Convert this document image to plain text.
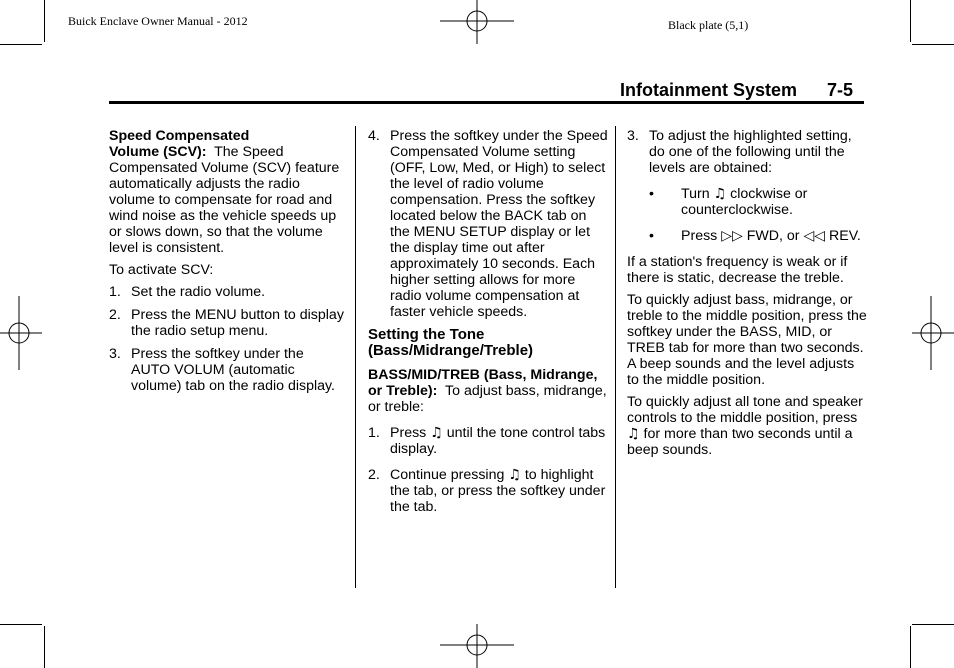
Buick Enclave Owner Manual - 2012	Black plate (5,1)
Infotainment System 7-5

Speed Compensated
Volume (SCV): The Speed Compensated Volume (SCV) feature automatically adjusts the radio volume to compensate for road and wind noise as the vehicle speeds up or slows down, so that the volume level is consistent.

To activate SCV:

1. Set the radio volume.
2. Press the MENU button to display the radio setup menu.
3. Press the softkey under the AUTO VOLUM (automatic volume) tab on the radio display.
4. Press the softkey under the Speed Compensated Volume setting (OFF, Low, Med, or High) to select the level of radio volume compensation. Press the softkey located below the BACK tab on the MENU SETUP display or let the display time out after approximately 10 seconds. Each higher setting allows for more radio volume compensation at faster vehicle speeds.
Setting the Tone (Bass/Midrange/Treble)

BASS/MID/TREB (Bass, Midrange, or Treble): To adjust bass, midrange, or treble:

1. Press ♫ until the tone control tabs display.
2. Continue pressing ♫ to highlight the tab, or press the softkey under the tab.
3. To adjust the highlighted setting, do one of the following until the levels are obtained:
• Turn ♫ clockwise or counterclockwise.
• Press ▷▷ FWD, or ◁◁ REV.

If a station's frequency is weak or if there is static, decrease the treble.

To quickly adjust bass, midrange, or treble to the middle position, press the softkey under the BASS, MID, or TREB tab for more than two seconds. A beep sounds and the level adjusts to the middle position.

To quickly adjust all tone and speaker controls to the middle position, press ♫ for more than two seconds until a beep sounds.
